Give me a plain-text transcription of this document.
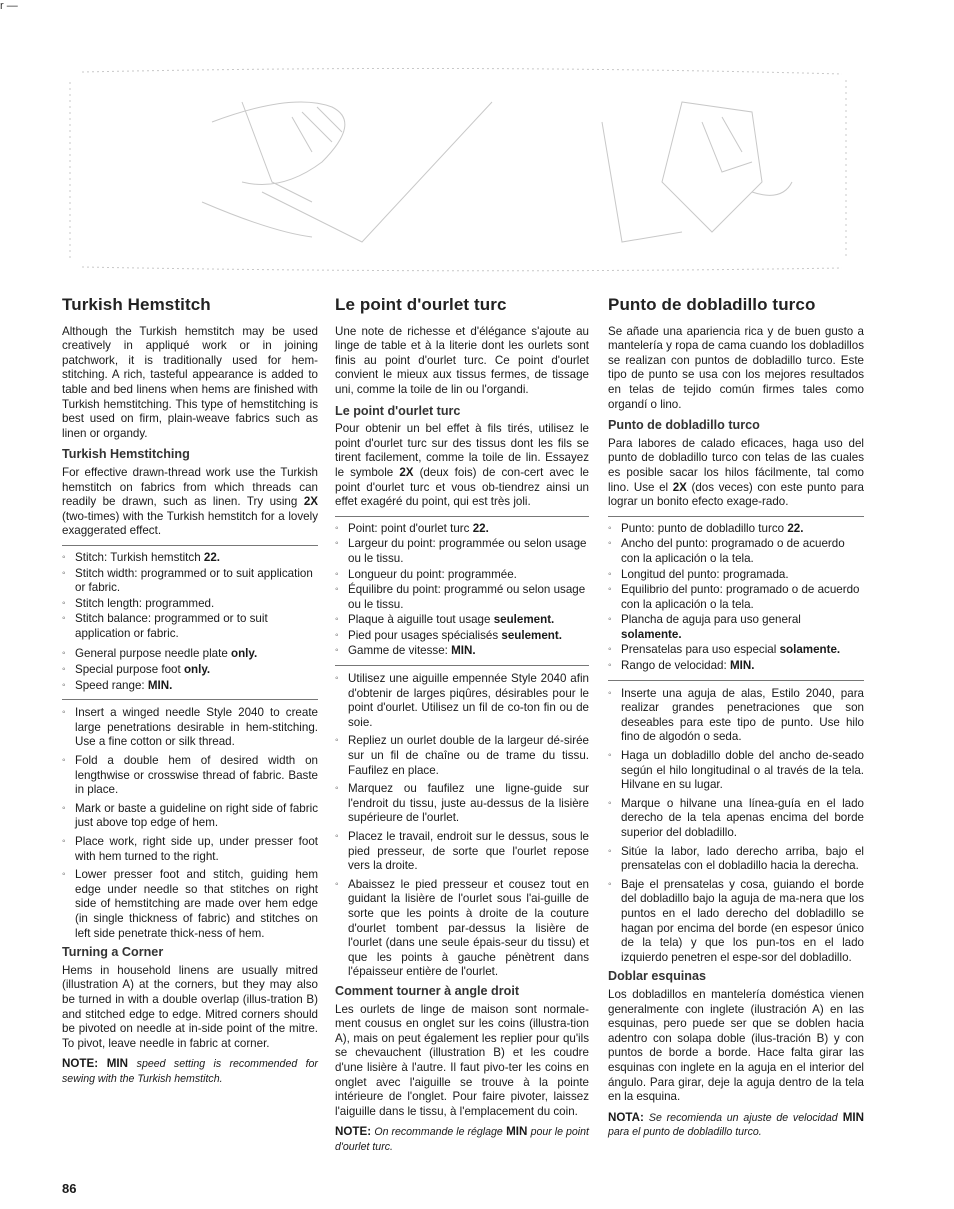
r —
Turkish Hemstitch

Although the Turkish hemstitch may be used creatively in appliqué work or in joining patchwork, it is traditionally used for hem-stitching. A rich, tasteful appearance is added to table and bed linens when hems are finished with Turkish hemstitching. This type of hemstitching is best used on firm, plain-weave fabrics such as linen or organdy.

Turkish Hemstitching

For effective drawn-thread work use the Turkish hemstitch on fabrics from which threads can readily be drawn, such as linen. Try using 2X (two-times) with the Turkish hemstitch for a lovely exaggerated effect.

◦ Stitch: Turkish hemstitch 22.
◦ Stitch width: programmed or to suit application or fabric.
◦ Stitch length: programmed.
◦ Stitch balance: programmed or to suit application or fabric.
◦ General purpose needle plate only.
◦ Special purpose foot only.
◦ Speed range: MIN.
◦ Insert a winged needle Style 2040 to create large penetrations desirable in hem-stitching. Use a fine cotton or silk thread.
◦ Fold a double hem of desired width on lengthwise or crosswise thread of fabric. Baste in place.
◦ Mark or baste a guideline on right side of fabric just above top edge of hem.
◦ Place work, right side up, under presser foot with hem turned to the right.
◦ Lower presser foot and stitch, guiding hem edge under needle so that stitches on right side of hemstitching are made over hem edge (in single thickness of fabric) and stitches on left side penetrate thick-ness of hem.
Turning a Corner

Hems in household linens are usually mitred (illustration A) at the corners, but they may also be turned in with a double overlap (illus-tration B) and stitched edge to edge. Mitred corners should be pivoted on needle at in-side point of the mitre. To pivot, leave needle in fabric at corner.

NOTE: MIN speed setting is recommended for sewing with the Turkish hemstitch.

Le point d'ourlet turc

Une note de richesse et d'élégance s'ajoute au linge de table et à la literie dont les ourlets sont finis au point d'ourlet turc. Ce point d'ourlet convient le mieux aux tissus fermes, de tissage uni, comme la toile de lin ou l'organdi.

Le point d'ourlet turc

Pour obtenir un bel effet à fils tirés, utilisez le point d'ourlet turc sur des tissus dont les fils se tirent facilement, comme la toile de lin. Essayez le symbole 2X (deux fois) de con-cert avec le point d'ourlet turc et vous ob-tiendrez ainsi un effet exagéré du point, qui est très joli.

◦ Point: point d'ourlet turc 22.
◦ Largeur du point: programmée ou selon usage ou le tissu.
◦ Longueur du point: programmée.
◦ Équilibre du point: programmé ou selon usage ou le tissu.
◦ Plaque à aiguille tout usage seulement.
◦ Pied pour usages spécialisés seulement.
◦ Gamme de vitesse: MIN.
◦ Utilisez une aiguille empennée Style 2040 afin d'obtenir de larges piqûres, désirables pour le point d'ourlet. Utilisez un fil de co-ton fin ou de soie.
◦ Repliez un ourlet double de la largeur dé-sirée sur un fil de chaîne ou de trame du tissu. Faufilez en place.
◦ Marquez ou faufilez une ligne-guide sur l'endroit du tissu, juste au-dessus de la lisière supérieure de l'ourlet.
◦ Placez le travail, endroit sur le dessus, sous le pied presseur, de sorte que l'ourlet repose vers la droite.
◦ Abaissez le pied presseur et cousez tout en guidant la lisière de l'ourlet sous l'ai-guille de sorte que les points à droite de la couture d'ourlet tombent par-dessus la lisière de l'ourlet (dans une seule épais-seur du tissu) et que les points à gauche pénètrent dans l'épaisseur entière de l'ourlet.
Comment tourner à angle droit

Les ourlets de linge de maison sont normale-ment cousus en onglet sur les coins (illustra-tion A), mais on peut également les replier pour qu'ils se chevauchent (illustration B) et les coudre d'une lisière à l'autre. Il faut pivo-ter les coins en onglet avec l'aiguille se trouve à la pointe intérieure de l'onglet. Pour faire pivoter, laissez l'aiguille dans le tissu, à l'emplacement du coin.

NOTE: On recommande le réglage MIN pour le point d'ourlet turc.

Punto de dobladillo turco

Se añade una apariencia rica y de buen gusto a mantelería y ropa de cama cuando los dobladillos se realizan con puntos de dobladillo turco. Este tipo de punto se usa con los mejores resultados en telas de tejido común firmes tales como organdí o lino.

Punto de dobladillo turco

Para labores de calado eficaces, haga uso del punto de dobladillo turco con telas de las cuales es posible sacar los hilos fácilmente, tal como lino. Use el 2X (dos veces) con este punto para lograr un bonito efecto exage-rado.

◦ Punto: punto de dobladillo turco 22.
◦ Ancho del punto: programado o de acuerdo con la aplicación o la tela.
◦ Longitud del punto: programada.
◦ Equilibrio del punto: programado o de acuerdo con la aplicación o la tela.
◦ Plancha de aguja para uso general solamente.
◦ Prensatelas para uso especial solamente.
◦ Rango de velocidad: MIN.
◦ Inserte una aguja de alas, Estilo 2040, para realizar grandes penetraciones que son deseables para este tipo de punto. Use hilo fino de algodón o seda.
◦ Haga un dobladillo doble del ancho de-seado según el hilo longitudinal o al través de la tela. Hilvane en su lugar.
◦ Marque o hilvane una línea-guía en el lado derecho de la tela apenas encima del borde superior del dobladillo.
◦ Sitúe la labor, lado derecho arriba, bajo el prensatelas con el dobladillo hacia la derecha.
◦ Baje el prensatelas y cosa, guiando el borde del dobladillo bajo la aguja de ma-nera que los puntos en el lado derecho del dobladillo se hagan por encima del borde (en espesor único de la tela) y que los pun-tos en el lado izquierdo penetren el espe-sor del dobladillo.
Doblar esquinas

Los dobladillos en mantelería doméstica vienen generalmente con inglete (ilustración A) en las esquinas, pero puede ser que se doblen hacia adentro con solapa doble (ilus-tración B) y con puntos de borde a borde. Hace falta girar las esquinas con inglete en la aguja en el interior del ángulo. Para girar, deje la aguja dentro de la tela en la esquina.

NOTA: Se recomienda un ajuste de velocidad MIN para el punto de dobladillo turco.

86
